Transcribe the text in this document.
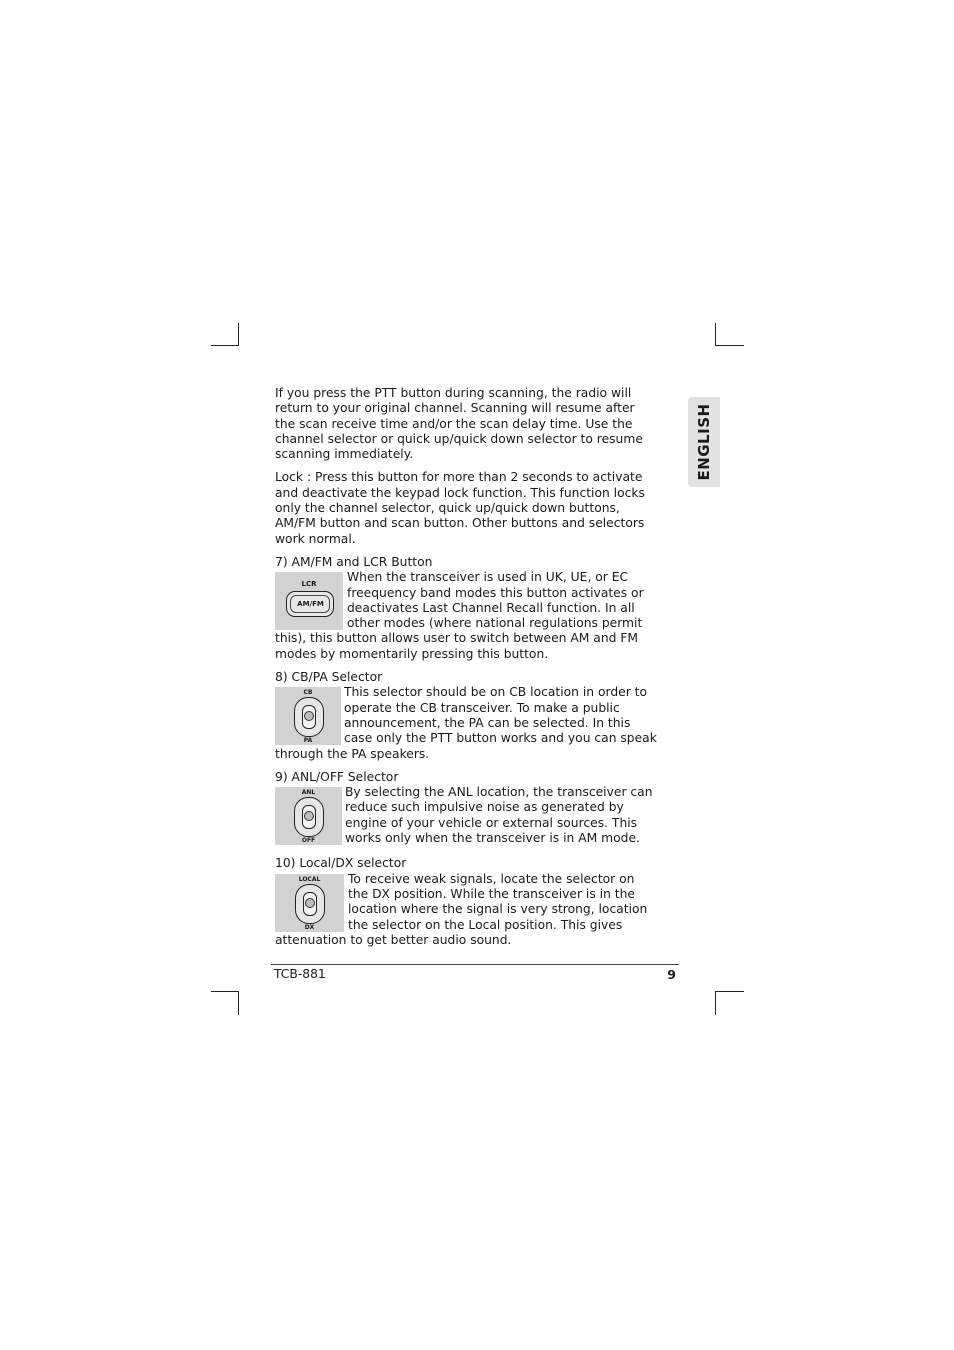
ENGLISH

If you press the PTT button during scanning, the radio will return to your original channel. Scanning will resume after the scan receive time and/or the scan delay time. Use the channel selector or quick up/quick down selector to resume scanning immediately.

Lock : Press this button for more than 2 seconds to activate and deactivate the keypad lock function. This function locks only the channel selector, quick up/quick down buttons, AM/FM button and scan button. Other buttons and selectors work normal.

7) AM/FM and LCR Button

LCR
AM/FM

When the transceiver is used in UK, UE, or EC freequency band modes this button activates or deactivates Last Channel Recall function. In all other modes (where national regulations permit

this), this button allows user to switch between AM and FM modes by momentarily pressing this button.

8) CB/PA Selector

CB
PA

This selector should be on CB location in order to operate the CB transceiver. To make a public announcement, the PA can be selected. In this case only the PTT button works and you can speak

through the PA speakers.

9) ANL/OFF Selector

ANL
OFF

By selecting the ANL location, the transceiver can reduce such impulsive noise as generated by engine of your vehicle or external sources. This works only when the transceiver is in AM mode.

10) Local/DX selector

LOCAL
DX

To receive weak signals, locate the selector on the DX position. While the transceiver is in the location where the signal is very strong, location the selector on the Local position. This gives

attenuation to get better audio sound.

TCB-881	9
